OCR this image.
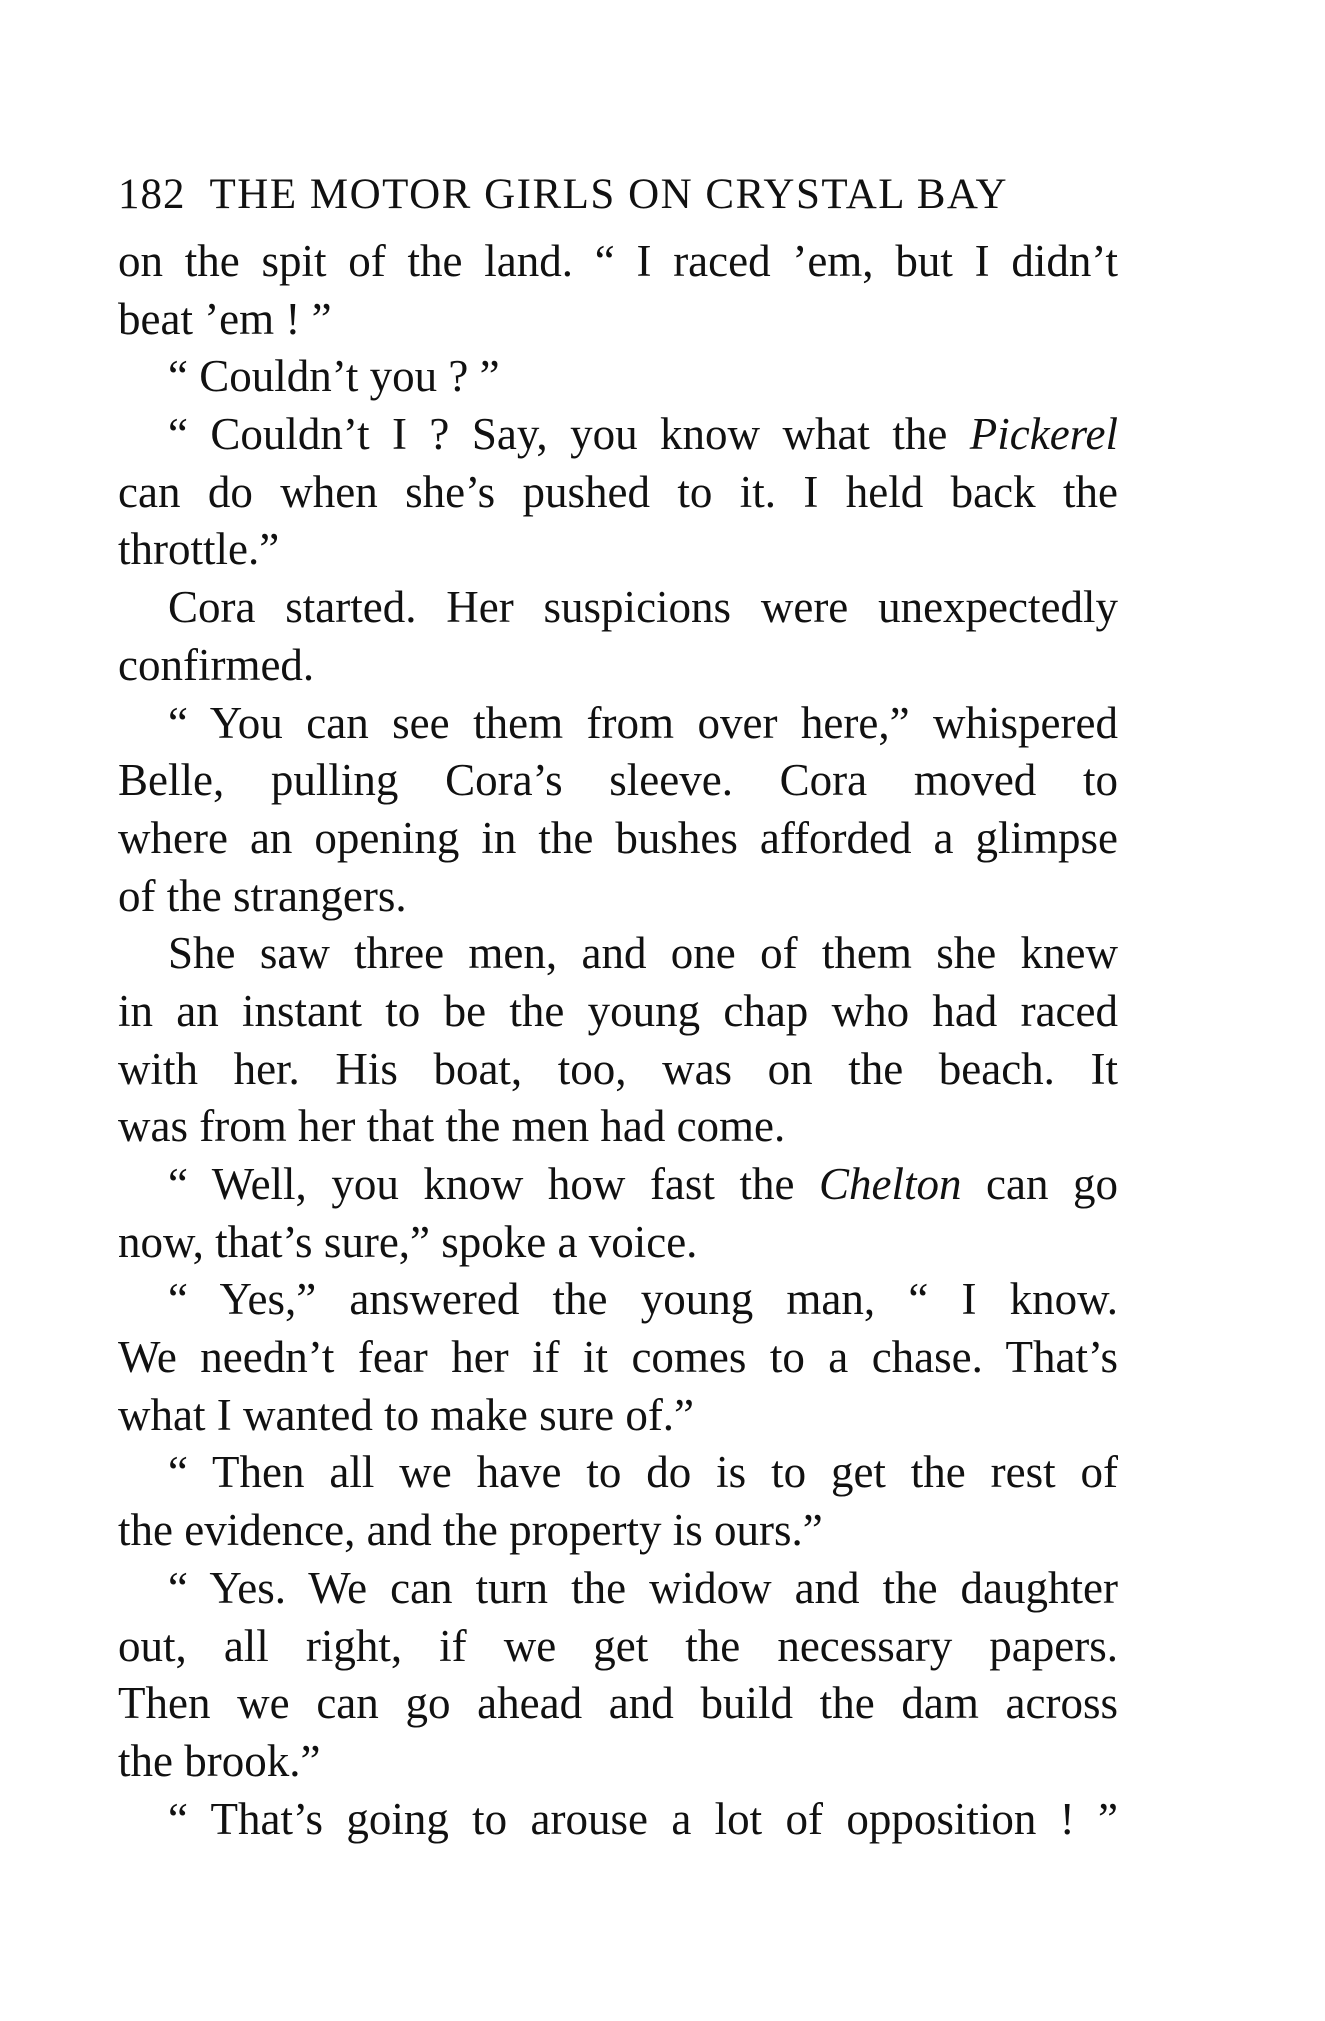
182 THE MOTOR GIRLS ON CRYSTAL BAY
on the spit of the land. “ I raced ’em, but I didn’t
beat ’em ! ”
“ Couldn’t you ? ”
“ Couldn’t I ? Say, you know what the Pickerel
can do when she’s pushed to it. I held back the
throttle.”
Cora started. Her suspicions were unexpectedly
confirmed.
“ You can see them from over here,” whispered
Belle, pulling Cora’s sleeve. Cora moved to
where an opening in the bushes afforded a glimpse
of the strangers.
She saw three men, and one of them she knew
in an instant to be the young chap who had raced
with her. His boat, too, was on the beach. It
was from her that the men had come.
“ Well, you know how fast the Chelton can go
now, that’s sure,” spoke a voice.
“ Yes,” answered the young man, “ I know.
We needn’t fear her if it comes to a chase. That’s
what I wanted to make sure of.”
“ Then all we have to do is to get the rest of
the evidence, and the property is ours.”
“ Yes. We can turn the widow and the daughter
out, all right, if we get the necessary papers.
Then we can go ahead and build the dam across
the brook.”
“ That’s going to arouse a lot of opposition ! ”
